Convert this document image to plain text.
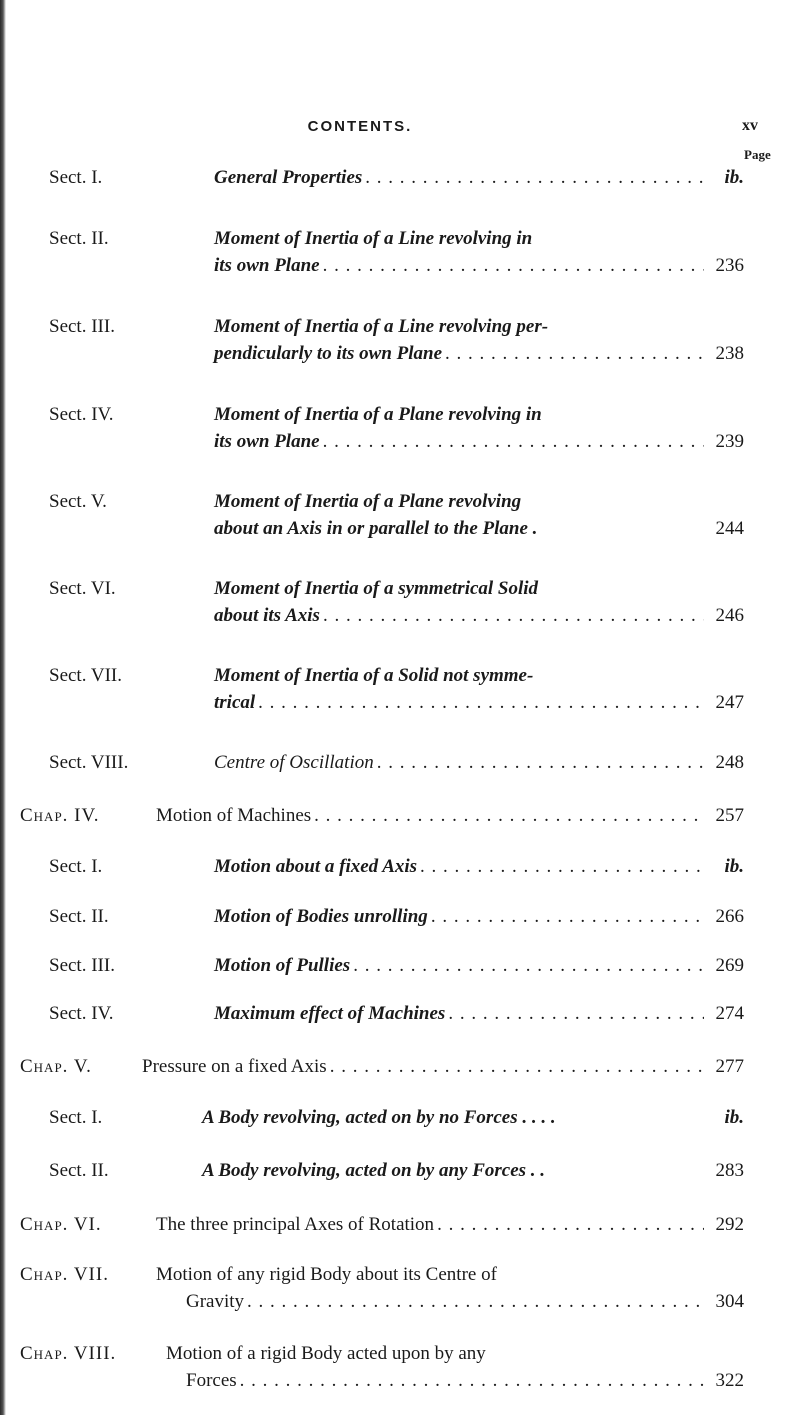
CONTENTS.	xv
Page
Sect. I.	General Properties . . .	ib.
Sect. II.	Moment of Inertia of a Line revolving in
its own Plane . . .	236
Sect. III.	Moment of Inertia of a Line revolving per-
pendicularly to its own Plane . . .	238
Sect. IV.	Moment of Inertia of a Plane revolving in
its own Plane . . .	239
Sect. V.	Moment of Inertia of a Plane revolving
about an Axis in or parallel to the Plane .	244
Sect. VI.	Moment of Inertia of a symmetrical Solid
about its Axis . . .	246
Sect. VII.	Moment of Inertia of a Solid not symme-
trical . . .	247
Sect. VIII.	Centre of Oscillation . . .	248
Chap. IV.	Motion of Machines . . .	257
Sect. I.	Motion about a fixed Axis . . .	ib.
Sect. II.	Motion of Bodies unrolling . . .	266
Sect. III.	Motion of Pullies . . .	269
Sect. IV.	Maximum effect of Machines . . .	274
Chap. V.	Pressure on a fixed Axis . . .	277
Sect. I.	A Body revolving, acted on by no Forces . . . .	ib.
Sect. II.	A Body revolving, acted on by any Forces . .	283
Chap. VI.	The three principal Axes of Rotation . . .	292
Chap. VII. Motion of any rigid Body about its Centre of
Gravity . . .	304
Chap. VIII.	Motion of a rigid Body acted upon by any
Forces . . .	322
